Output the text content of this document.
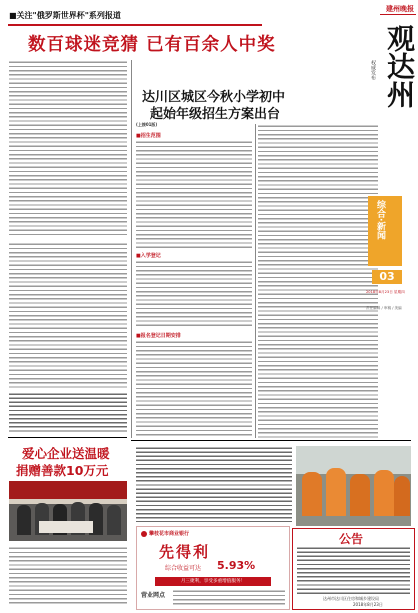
■关注"俄罗斯世界杯"系列报道
数百球迷竞猜 已有百余人中奖
爱心企业送温暖
捐赠善款10万元
达川区城区今秋小学初中
起始年级招生方案出台
(上接01版)
■招生范围
■入学登记
■报名登记日期安排
建州晚报
观达州
权威发布
综合·新闻
03
2018年8月23日 星期四
责任编辑 / 审稿 / 美编
攀枝花市商业银行
先得利
综合收益可达 5.93%
月三捷利，享受多重增值服务！
营业网点
公告
达州市达川区住房和城乡建设局
2018年8月23日
